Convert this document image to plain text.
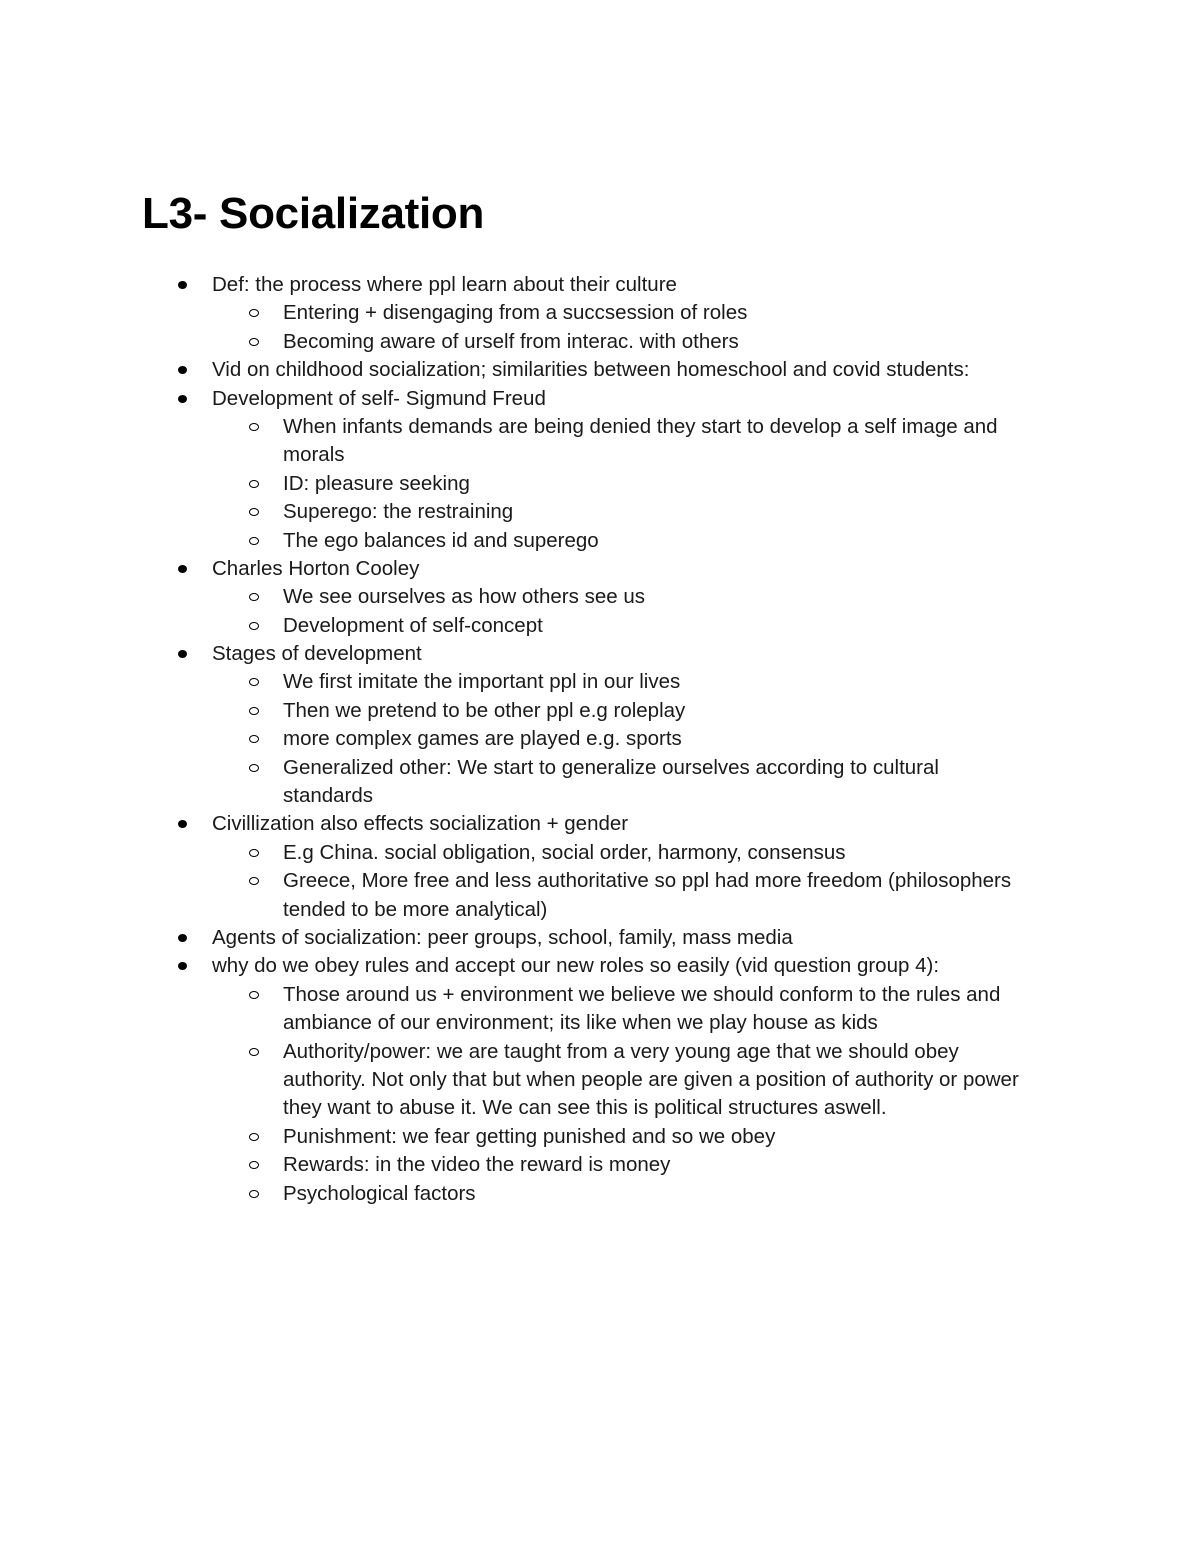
L3- Socialization
Def: the process where ppl learn about their culture
Entering + disengaging from a succsession of roles
Becoming aware of urself from interac. with others
Vid on childhood socialization; similarities between homeschool and covid students:
Development of self- Sigmund Freud
When infants demands are being denied they start to develop a self image and
morals
ID: pleasure seeking
Superego: the restraining
The ego balances id and superego
Charles Horton Cooley
We see ourselves as how others see us
Development of self-concept
Stages of development
We first imitate the important ppl in our lives
Then we pretend to be other ppl e.g roleplay
more complex games are played e.g. sports
Generalized other: We start to generalize ourselves according to cultural
standards
Civillization also effects socialization + gender
E.g China. social obligation, social order, harmony, consensus
Greece, More free and less authoritative so ppl had more freedom (philosophers
tended to be more analytical)
Agents of socialization: peer groups, school, family, mass media
why do we obey rules and accept our new roles so easily (vid question group 4):
Those around us + environment we believe we should conform to the rules and
ambiance of our environment; its like when we play house as kids
Authority/power: we are taught from a very young age that we should obey
authority. Not only that but when people are given a position of authority or power
they want to abuse it. We can see this is political structures aswell.
Punishment: we fear getting punished and so we obey
Rewards: in the video the reward is money
Psychological factors
